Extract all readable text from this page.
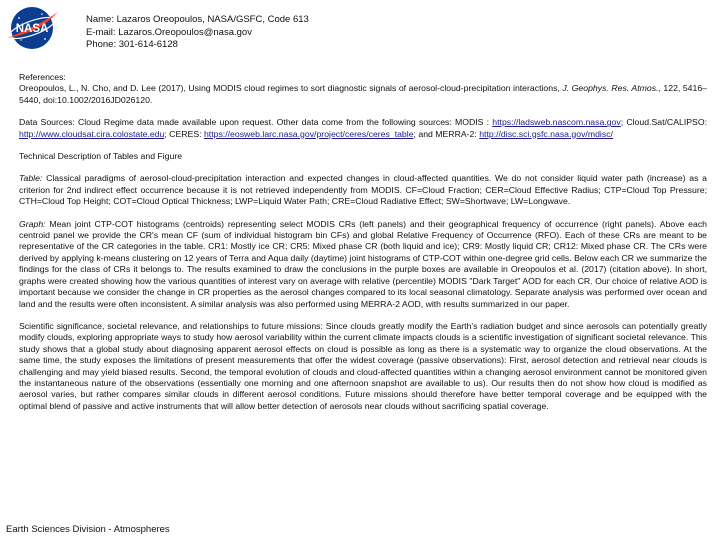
NASA
Name: Lazaros Oreopoulos, NASA/GSFC, Code 613
E-mail: Lazaros.Oreopoulos@nasa.gov
Phone: 301-614-6128

References:
Oreopoulos, L., N. Cho, and D. Lee (2017), Using MODIS cloud regimes to sort diagnostic signals of aerosol-cloud-precipitation interactions, J. Geophys. Res. Atmos., 122, 5416–5440, doi:10.1002/2016JD026120.

Data Sources: Cloud Regime data made available upon request. Other data come from the following sources: MODIS : https://ladsweb.nascom.nasa.gov; Cloud.Sat/CALIPSO: http://www.cloudsat.cira.colostate.edu; CERES: https://eosweb.larc.nasa.gov/project/ceres/ceres_table; and MERRA-2: http://disc.sci.gsfc.nasa.gov/mdisc/

Technical Description of Tables and Figure

Table: Classical paradigms of aerosol-cloud-precipitation interaction and expected changes in cloud-affected quantities. We do not consider liquid water path (increase) as a criterion for 2nd indirect effect occurrence because it is not retrieved independently from MODIS. CF=Cloud Fraction; CER=Cloud Effective Radius; CTP=Cloud Top Pressure; CTH=Cloud Top Height; COT=Cloud Optical Thickness; LWP=Liquid Water Path; CRE=Cloud Radiative Effect; SW=Shortwave; LW=Longwave.

Graph: Mean joint CTP-COT histograms (centroids) representing select MODIS CRs (left panels) and their geographical frequency of occurrence (right panels). Above each centroid panel we provide the CR's mean CF (sum of individual histogram bin CFs) and global Relative Frequency of Occurrence (RFO). Each of these CRs are meant to be representative of the CR categories in the table. CR1: Mostly ice CR; CR5: Mixed phase CR (both liquid and ice); CR9: Mostly liquid CR; CR12: Mixed phase CR. The CRs were derived by applying k-means clustering on 12 years of Terra and Aqua daily (daytime) joint histograms of CTP-COT within one-degree grid cells. Below each CR we summarize the findings for the class of CRs it belongs to. The results examined to draw the conclusions in the purple boxes are available in Oreopoulos et al. (2017) (citation above). In short, graphs were created showing how the various quantities of interest vary on average with relative (percentile) MODIS "Dark Target" AOD for each CR. Our choice of relative AOD is important because we consider the change in CR properties as the aerosol changes compared to its local seasonal climatology. Separate analysis was performed over ocean and land and the results were often inconsistent. A similar analysis was also performed using MERRA-2 AOD, with results summarized in our paper.

Scientific significance, societal relevance, and relationships to future missions: Since clouds greatly modify the Earth's radiation budget and since aerosols can potentially greatly modify clouds, exploring appropriate ways to study how aerosol variability within the current climate impacts clouds is a scientific investigation of significant societal relevance. This study shows that a global study about diagnosing apparent aerosol effects on cloud is possible as long as there is a systematic way to organize the cloud observations. At the same time, the study exposes the limitations of present measurements that offer the widest coverage (passive observations): First, aerosol detection and retrieval near clouds is challenging and may yield biased results. Second, the temporal evolution of clouds and cloud-affected quantities within a changing aerosol environment cannot be monitored given the instantaneous nature of the observations (essentially one morning and one afternoon snapshot are available to us). Our results then do not show how cloud is modified as aerosol varies, but rather compares similar clouds in different aerosol conditions. Future missions should therefore have better temporal coverage and be equipped with the optimal blend of passive and active instruments that will allow better detection of aerosols near clouds without sacrificing spatial coverage.

Earth Sciences Division - Atmospheres
